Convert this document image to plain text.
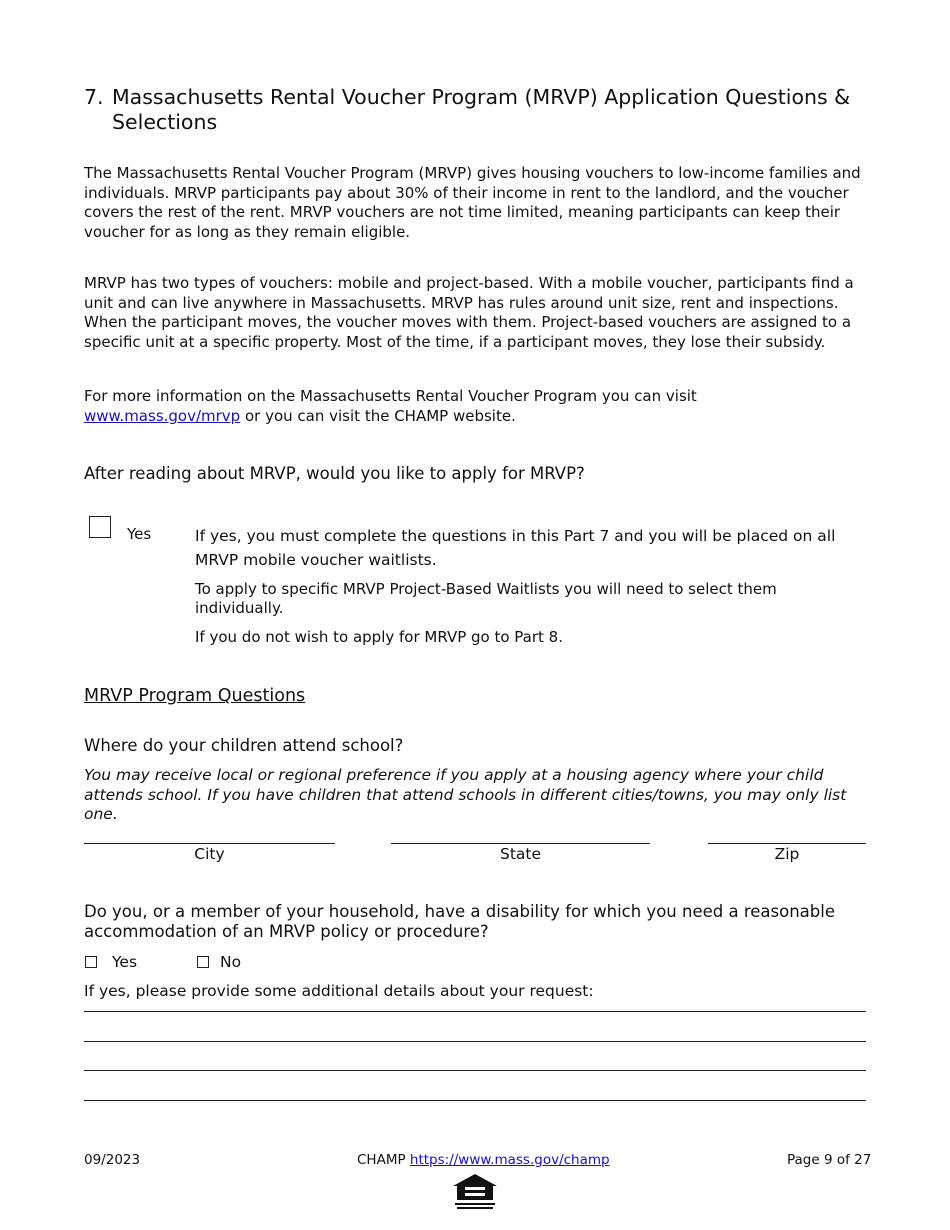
7. Massachusetts Rental Voucher Program (MRVP) Application Questions & Selections
The Massachusetts Rental Voucher Program (MRVP) gives housing vouchers to low-income families and individuals. MRVP participants pay about 30% of their income in rent to the landlord, and the voucher covers the rest of the rent. MRVP vouchers are not time limited, meaning participants can keep their voucher for as long as they remain eligible.
MRVP has two types of vouchers: mobile and project-based. With a mobile voucher, participants find a unit and can live anywhere in Massachusetts. MRVP has rules around unit size, rent and inspections. When the participant moves, the voucher moves with them. Project-based vouchers are assigned to a specific unit at a specific property. Most of the time, if a participant moves, they lose their subsidy.
For more information on the Massachusetts Rental Voucher Program you can visit
www.mass.gov/mrvp or you can visit the CHAMP website.
After reading about MRVP, would you like to apply for MRVP?
Yes	If yes, you must complete the questions in this Part 7 and you will be placed on all MRVP mobile voucher waitlists.
To apply to specific MRVP Project-Based Waitlists you will need to select them individually.
If you do not wish to apply for MRVP go to Part 8.
MRVP Program Questions
Where do your children attend school?
You may receive local or regional preference if you apply at a housing agency where your child attends school. If you have children that attend schools in different cities/towns, you may only list one.
City	State	Zip
Do you, or a member of your household, have a disability for which you need a reasonable accommodation of an MRVP policy or procedure?
Yes	No
If yes, please provide some additional details about your request:
09/2023	CHAMP https://www.mass.gov/champ	Page 9 of 27
